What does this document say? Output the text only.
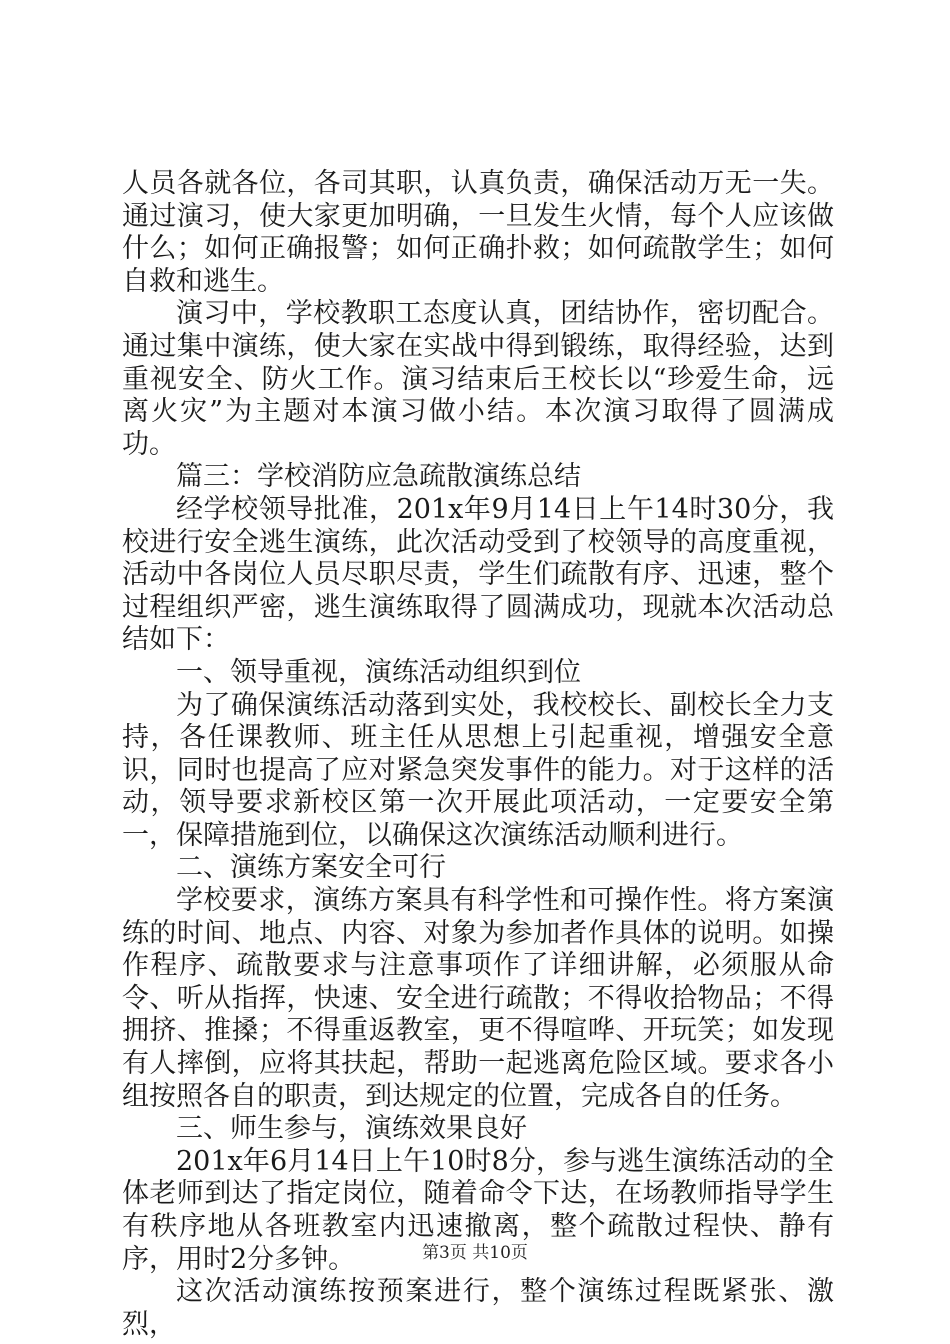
人员各就各位，各司其职，认真负责，确保活动万无一失。通过演习，使大家更加明确，一旦发生火情，每个人应该做什么；如何正确报警；如何正确扑救；如何疏散学生；如何自救和逃生。

演习中，学校教职工态度认真，团结协作，密切配合。通过集中演练，使大家在实战中得到锻练，取得经验，达到重视安全、防火工作。演习结束后王校长以“珍爱生命，远离火灾”为主题对本演习做小结。本次演习取得了圆满成功。

篇三：学校消防应急疏散演练总结

经学校领导批准，201x年9月14日上午14时30分，我校进行安全逃生演练，此次活动受到了校领导的高度重视，活动中各岗位人员尽职尽责，学生们疏散有序、迅速，整个过程组织严密，逃生演练取得了圆满成功，现就本次活动总结如下：

一、领导重视，演练活动组织到位

为了确保演练活动落到实处，我校校长、副校长全力支持，各任课教师、班主任从思想上引起重视，增强安全意识，同时也提高了应对紧急突发事件的能力。对于这样的活动，领导要求新校区第一次开展此项活动，一定要安全第一，保障措施到位，以确保这次演练活动顺利进行。

二、演练方案安全可行

学校要求，演练方案具有科学性和可操作性。将方案演练的时间、地点、内容、对象为参加者作具体的说明。如操作程序、疏散要求与注意事项作了详细讲解，必须服从命令、听从指挥，快速、安全进行疏散；不得收拾物品；不得拥挤、推搡；不得重返教室，更不得喧哗、开玩笑；如发现有人摔倒，应将其扶起，帮助一起逃离危险区域。要求各小组按照各自的职责，到达规定的位置，完成各自的任务。

三、师生参与，演练效果良好

201x年6月14日上午10时8分，参与逃生演练活动的全体老师到达了指定岗位，随着命令下达，在场教师指导学生有秩序地从各班教室内迅速撤离，整个疏散过程快、静有序，用时2分多钟。

这次活动演练按预案进行，整个演练过程既紧张、激烈，

第3页 共10页
